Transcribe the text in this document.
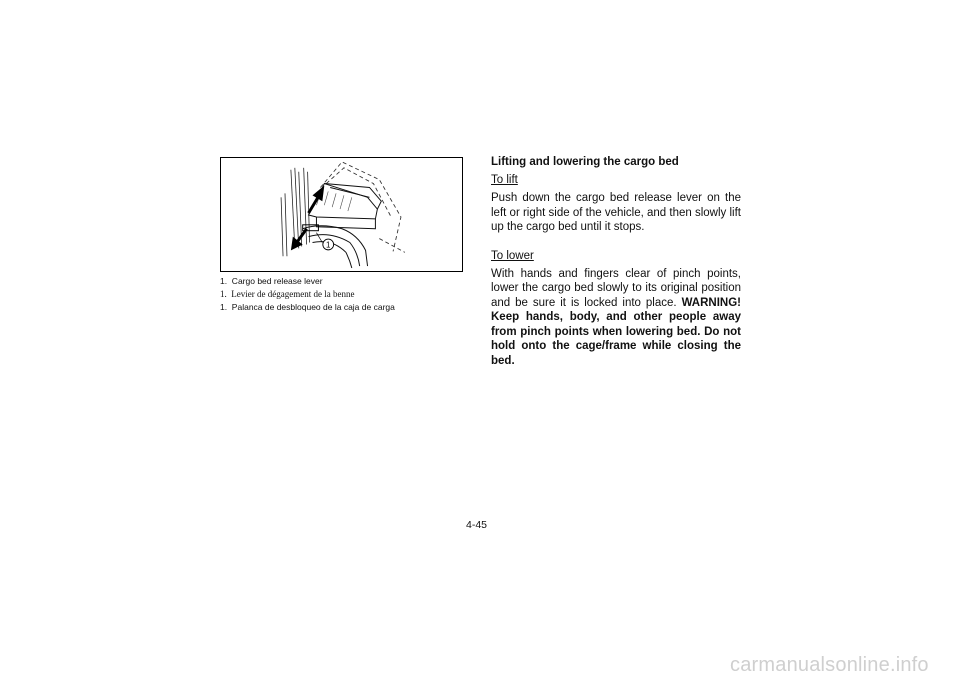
1

1.  Cargo bed release lever

1.  Levier de dégagement de la benne

1.  Palanca de desbloqueo de la caja de carga

Lifting and lowering the cargo bed
To lift

Push down the cargo bed release lever on the left or right side of the vehicle, and then slowly lift up the cargo bed until it stops.

To lower

With hands and fingers clear of pinch points, lower the cargo bed slowly to its original position and be sure it is locked into place. WARNING! Keep hands, body, and other people away from pinch points when lowering bed. Do not hold onto the cage/frame while closing the bed.

4-45
carmanualsonline.info
